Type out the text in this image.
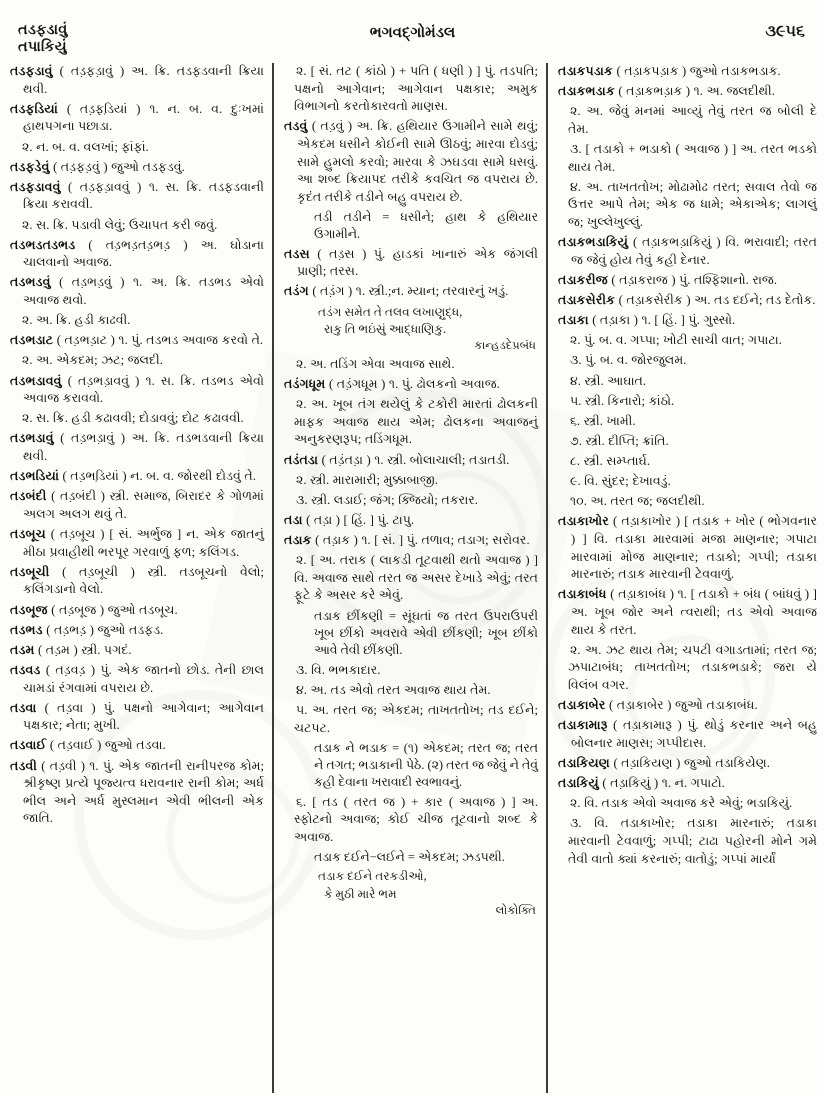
તડફડાવું
તપાકિયું
ભગવદ્ગોમંડલ	૩૯૫૬

તડફડાવું ( તડ઼ફડ઼ાવું ) અ. ક્રિ. તડફડવાની ક્રિયા થવી.

તડફડિયાં ( તડ઼ફડિ઼યાં ) ૧. ન. બ. વ. દુઃખમાં હાથપગના પછાડા.

૨. ન. બ. વ. વલખાં; ફાંફાં.

તડફડેવું ( તડ઼ફડ઼વું ) જુઓ તડફડવું.

તડફડાવવું ( તડ઼ફડ઼ાવવું ) ૧. સ. ક્રિ. તડફડવાની ક્રિયા કરાવવી.

૨. સ. ક્રિ. પડાવી લેવું; ઉચાપત કરી જવું.

તડભડતડભડ ( તડ઼ભડ઼તડ઼ભડ઼ ) અ. ઘોડાના ચાલવાનો અવાજ.

તડભડવું ( તડ઼ભડ઼વું ) ૧. અ. ક્રિ. તડભડ એવો અવાજ થવો.

૨. અ. ક્રિ. હડી કાઢવી.

તડભડાટ ( તડ઼ભડ઼ાટ ) ૧. પું. તડભડ અવાજ કરવો તે.

૨. અ. એકદમ; ઝટ; જલદી.

તડભડાવવું ( તડ઼ભડ઼ાવવું ) ૧. સ. ક્રિ. તડભડ એવો અવાજ કરાવવો.

૨. સ. ક્રિ. હડી કઢાવવી; દોડાવવું; દોટ કઢાવવી.

તડભડાવું ( તડ઼ભડ઼ાવું ) અ. ક્રિ. તડભડવાની ક્રિયા થવી.

તડભડિયાં ( તડ઼ભડિ઼યાં ) ન. બ. વ. જોરથી દોડવું તે.

તડબંદી ( તડ઼બંદી ) સ્ત્રી. સમાજ, બિરાદર કે ગોળમાં અલગ અલગ થવું તે.

તડબૂચ ( તડ઼બૂચ ) [ સં. અર્ભુજ ] ન. એક જાતનું મીઠા પ્રવાહીથી ભરપૂર ગરવાળું ફળ; કલિંગડ.

તડબૂચી ( તડ઼બૂચી ) સ્ત્રી. તડબૂચનો વેલો; કલિંગડાનો વેલો.

તડબૂજ ( તડ઼બૂજ ) જુઓ તડબૂચ.

તડભડ ( તડ઼ભડ઼ ) જુઓ તડફડ.

તડમ ( તડ઼મ ) સ્ત્રી. પગદં.

તડવડ ( તડ઼વડ઼ ) પું. એક જાતનો છોડ. તેની છાલ ચામડાં રંગવામાં વપરાય છે.

તડવા ( તડ઼વા ) પું. પક્ષનો આગેવાન; આગેવાન પક્ષકાર; નેતા; મુખી.

તડવાઈ ( તડ઼વાઈ ) જુઓ તડવા.

તડવી ( તડ઼વી ) ૧. પું. એક જાતની રાનીપરજ કોમ; શ્રીકૃષ્ણ પ્રત્યે પૂજ્યત્વ ધરાવનાર રાની કોમ; અર્ધ ભીલ અને અર્ધ મુસ્લમાન એવી ભીલની એક જાતિ.

૨. [ સં. તટ ( કાંઠો ) + પતિ ( ધણી ) ] પું. તડપતિ; પક્ષનો આગેવાન; આગેવાન પક્ષકાર; અમુક વિભાગનો કરતોકારવતો માણસ.

તડવું ( તડ઼વું ) અ. ક્રિ. હથિયાર ઉગામીને સામે થવું; એકદમ ધસીને કોઈની સામે ઊઠવું; મારવા દોડવું; સામે હુમલો કરવો; મારવા કે ઝઘડવા સામે ધસવું. આ શબ્દ ક્રિયાપદ તરીકે કવચિત જ વપરાય છે. કૃદંત તરીકે તડીને બહુ વપરાય છે.

તડી તડીને = ધસીને; હાથ કે હથિયાર ઉગામીને.

તડસ ( તડ઼સ ) પું. હાડકાં ખાનારું એક જંગલી પ્રાણી; તરસ.

તડંગ ( તડ઼ંગ ) ૧. સ્ત્રી.;ન. મ્યાન; તરવારનું ખડ઼ું.

તડંગ સમેત તે તલવ લખાણુદ્ધ,

રાકુ તિ ભઇંસું આદ્ધાણિકુ.

કાન્હડદેપ્રબંધ

૨. અ. તડિંગ એવા અવાજ સાથે.

તડંગધૂમ ( તડ઼ંગધૂમ ) ૧. પું. ઢોલકનો અવાજ.

૨. અ. ખૂબ તંગ થયેલું કે ટકોરી મારતાં ઢોલકની માફક અવાજ થાય એમ; ઢોલકના અવાજનું અનુકરણરૂપ; તડિંગધૂમ.

તડંતડા ( તડ઼ંતડ઼ા ) ૧. સ્ત્રી. બોલાચાલી; તડાતડી.

૨. સ્ત્રી. મારામારી; મુક્કાબાજી.

૩. સ્ત્રી. લડાઈ; જંગ; ક્જિયો; તકરાર.

તડા ( તડ઼ા ) [ હિં. ] પું. ટાપુ.

તડાક ( તડ઼ાક ) ૧. [ સં. ] પું. તળાવ; તડાગ; સરોવર.

૨. [ અ. તરાક ( લાકડી તૂટવાથી થતો અવાજ ) ] વિ. અવાજ સાથે તરત જ અસર દેખાડે એવું; તરત ફૂટે કે અસર કરે એવું.

તડાક છીંકણી = સૂંઘતાં જ તરત ઉપરાઉપરી ખૂબ છીંકો અવરાવે એવી છીંકણી; ખૂબ છીંકો આવે તેવી છીંકણી.

૩. વિ. ભભકાદાર.

૪. અ. તડ એવો તરત અવાજ થાય તેમ.

૫. અ. તરત જ; એકદમ; તાખતતોખ; તડ દઈને; ચટપટ.

તડાક ને ભડાક = (૧) એકદમ; તરત જ; તરત ને તગત; ભડાકાની પેઠે. (૨) તરત જ જેવું ને તેવું કહી દેવાના ખરાવાદી સ્વભાવનું.

૬. [ તડ ( તરત જ ) + કાર ( અવાજ ) ] અ. સ્ફોટનો અવાજ; કોઈ ચીજ તૂટવાનો શબ્દ કે અવાજ.

તડાક દઈને−લઈને = એકદમ; ઝડપથી.

તડાક દઈને તરકડીઓ,

કે મુઠી મારે ભમ

લોકોક્તિ

તડાકપડાક ( તડ઼ાકપડ઼ાક ) જુઓ તડાકભડાક.

તડાકભડાક ( તડ઼ાકભડ઼ાક ) ૧. અ. જલદીથી.

૨. અ. જેવું મનમાં આવ્યું તેવું તરત જ બોલી દે તેમ.

૩. [ તડાકો + ભડાકો ( અવાજ ) ] અ. તરત ભડકો થાય તેમ.

૪. અ. તાખતતોખ; મોઢામોઢ તરત; સવાલ તેવો જ ઉત્તર આપે તેમ; એક જ ધામે; એકાએક; લાગલું જ; ખુલ્લેખુલ્લું.

તડાકભડાકિયું ( તડ઼ાકભડ઼ાકિયું ) વિ. ભરાવાદી; તરત જ જેવું હોય તેવું કહી દેનાર.

તડાકરીજ ( તડ઼ાકરાજ ) પું. તશ્ફિશાનો. રાજ.

તડાકસેરીક ( તડ઼ાકસેરીક ) અ. તડ દઈને; તડ દેતોક.

તડાકા ( તડ઼ાકા ) ૧. [ હિં. ] પું. ગુસ્સો.

૨. પું. બ. વ. ગપ્પા; ખોટી સાચી વાત; ગપાટા.

૩. પું. બ. વ. જોરજુલમ.

૪. સ્ત્રી. આઘાત.

૫. સ્ત્રી. કિનારો; કાંઠો.

૬. સ્ત્રી. ખામી.

૭. સ્ત્રી. દીપ્તિ; ક્રાંતિ.

૮. સ્ત્રી. સમ્પ્તાર્ઘ.

૯. વિ. સુંદર; દેખાવડું.

૧૦. અ. તરત જ; જલદીથી.

તડાકાખોર ( તડ઼ાકાખોર ) [ તડાક + ખોર ( ભોગવનાર ) ] વિ. તડાકા મારવામાં મજા માણનાર; ગપાટા મારવામાં મોજ માણનાર; તડાકો; ગપ્પી; તડાકા મારનારું; તડાક મારવાની ટેવવાળું.

તડાકાબંધ ( તડ઼ાકાબંધ ) ૧. [ તડાકો + બંધ ( બાંધવું ) ] અ. ખૂબ જોર અને ત્વરાથી; તડ એવો અવાજ થાય કે તરત.

૨. અ. ઝટ થાય તેમ; ચપટી વગાડતામાં; તરત જ; ઝપાટાબંધ; તાખતતોખ; તડાકભડાકે; જરા યે વિલંબ વગર.

તડાકાબેર ( તડ઼ાકાબેર ) જુઓ તડાકાબંધ.

તડાકામારૂ ( તડ઼ાકામારૂ ) પું. થોડું કરનાર અને બહુ બોલનાર માણસ; ગપ્પીદાસ.

તડાકિયણ ( તડ઼ાકિયણ ) જુઓ તડાકિયેણ.

તડાકિયું ( તડ઼ાકિયું ) ૧. ન. ગપાટો.

૨. વિ. તડાક એવો અવાજ કરે એવું; ભડાકિયું.

૩. વિ. તડાકાખોર; તડાકા મારનારું; તડાકા મારવાની ટેવવાળું; ગપ્પી; ટાઢા પહોરની મોને ગમે તેવી વાતો ક્યાં કરનારું; વાતોડું; ગપ્પાં માર્યાં
